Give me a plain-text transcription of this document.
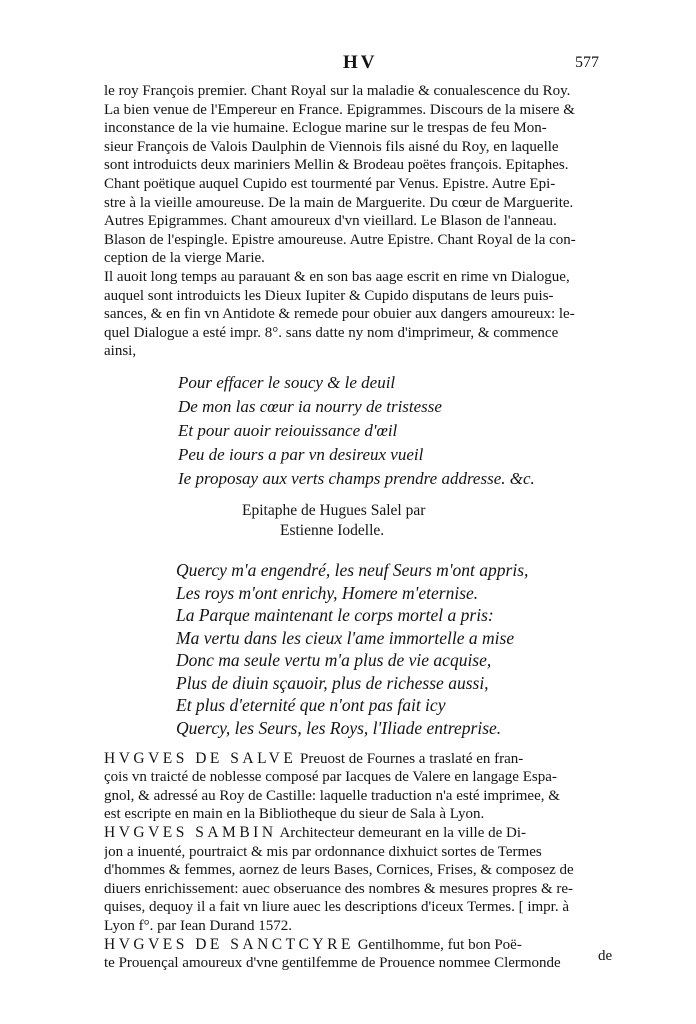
HV	577
le roy François premier. Chant Royal sur la maladie & conualescence du Roy.
La bien venue de l'Empereur en France. Epigrammes. Discours de la misere &
inconstance de la vie humaine. Eclogue marine sur le trespas de feu Mon-
sieur François de Valois Daulphin de Viennois fils aisné du Roy, en laquelle
sont introduicts deux mariniers Mellin & Brodeau poëtes françois. Epitaphes.
Chant poëtique auquel Cupido est tourmenté par Venus. Epistre. Autre Epi-
stre à la vieille amoureuse. De la main de Marguerite. Du cœur de Marguerite.
Autres Epigrammes. Chant amoureux d'vn vieillard. Le Blason de l'anneau.
Blason de l'espingle. Epistre amoureuse. Autre Epistre. Chant Royal de la con-
ception de la vierge Marie.
Il auoit long temps au parauant & en son bas aage escrit en rime vn Dialogue,
auquel sont introduicts les Dieux Iupiter & Cupido disputans de leurs puis-
sances, & en fin vn Antidote & remede pour obuier aux dangers amoureux: le-
quel Dialogue a esté impr. 8°. sans datte ny nom d'imprimeur, & commence
ainsi,
Pour effacer le soucy & le deuil
De mon las cœur ia nourry de tristesse
Et pour auoir reiouissance d'œil
Peu de iours a par vn desireux vueil
Ie proposay aux verts champs prendre addresse. &c.
Epitaphe de Hugues Salel par
Estienne Iodelle.
Quercy m'a engendré, les neuf Seurs m'ont appris,
Les roys m'ont enrichy, Homere m'eternise.
La Parque maintenant le corps mortel a pris:
Ma vertu dans les cieux l'ame immortelle a mise
Donc ma seule vertu m'a plus de vie acquise,
Plus de diuin sçauoir, plus de richesse aussi,
Et plus d'eternité que n'ont pas fait icy
Quercy, les Seurs, les Roys, l'Iliade entreprise.
HVGVES DE SALVE Preuost de Fournes a traslaté en fran-
çois vn traicté de noblesse composé par Iacques de Valere en langage Espa-
gnol, & adressé au Roy de Castille: laquelle traduction n'a esté imprimee, &
est escripte en main en la Bibliotheque du sieur de Sala à Lyon.
HVGVES SAMBIN Architecteur demeurant en la ville de Di-
jon a inuenté, pourtraict & mis par ordonnance dixhuict sortes de Termes
d'hommes & femmes, aornez de leurs Bases, Cornices, Frises, & composez de
diuers enrichissement: auec obseruance des nombres & mesures propres & re-
quises, dequoy il a fait vn liure auec les descriptions d'iceux Termes. [ impr. à
Lyon f°. par Iean Durand 1572.
HVGVES DE SANCTCYRE Gentilhomme, fut bon Poë-
te Prouençal amoureux d'vne gentilfemme de Prouence nommee Clermonde	de
